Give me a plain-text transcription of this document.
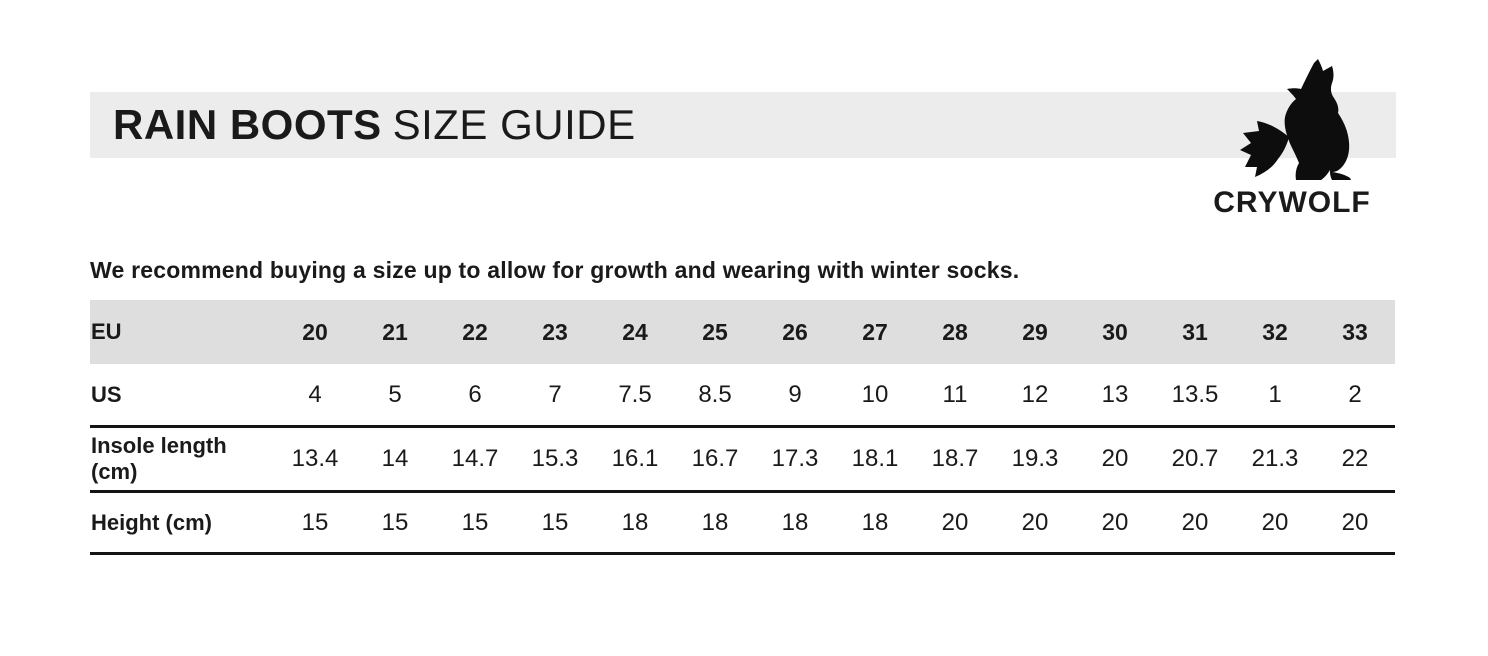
RAIN BOOTS SIZE GUIDE
CRYWOLF
We recommend buying a size up to allow for growth and wearing with winter socks.
EU	20	21	22	23	24	25	26	27	28	29	30	31	32	33
US	4	5	6	7	7.5	8.5	9	10	11	12	13	13.5	1	2
Insole length (cm)	13.4	14	14.7	15.3	16.1	16.7	17.3	18.1	18.7	19.3	20	20.7	21.3	22
Height (cm)	15	15	15	15	18	18	18	18	20	20	20	20	20	20
